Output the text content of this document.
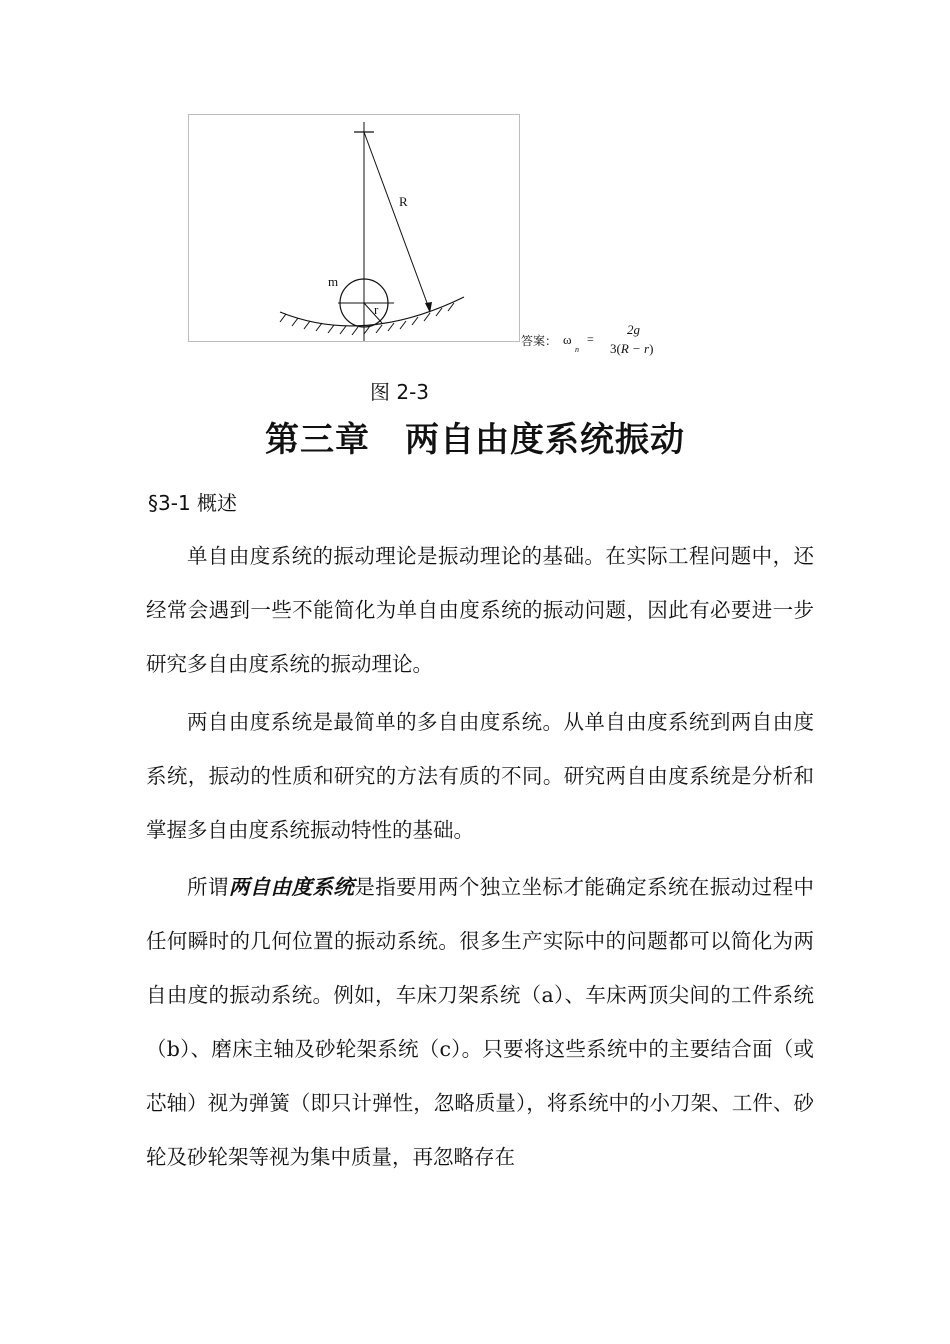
R
m
r
答案： ω
n
=
2g
3(R − r)
图 2-3
第三章　两自由度系统振动
§3-1 概述

单自由度系统的振动理论是振动理论的基础。在实际工程问题中，还经常会遇到一些不能简化为单自由度系统的振动问题，因此有必要进一步研究多自由度系统的振动理论。

两自由度系统是最简单的多自由度系统。从单自由度系统到两自由度系统，振动的性质和研究的方法有质的不同。研究两自由度系统是分析和掌握多自由度系统振动特性的基础。

所谓两自由度系统是指要用两个独立坐标才能确定系统在振动过程中任何瞬时的几何位置的振动系统。很多生产实际中的问题都可以简化为两自由度的振动系统。例如，车床刀架系统（a）、车床两顶尖间的工件系统（b）、磨床主轴及砂轮架系统（c）。只要将这些系统中的主要结合面（或芯轴）视为弹簧（即只计弹性，忽略质量），将系统中的小刀架、工件、砂轮及砂轮架等视为集中质量，再忽略存在
